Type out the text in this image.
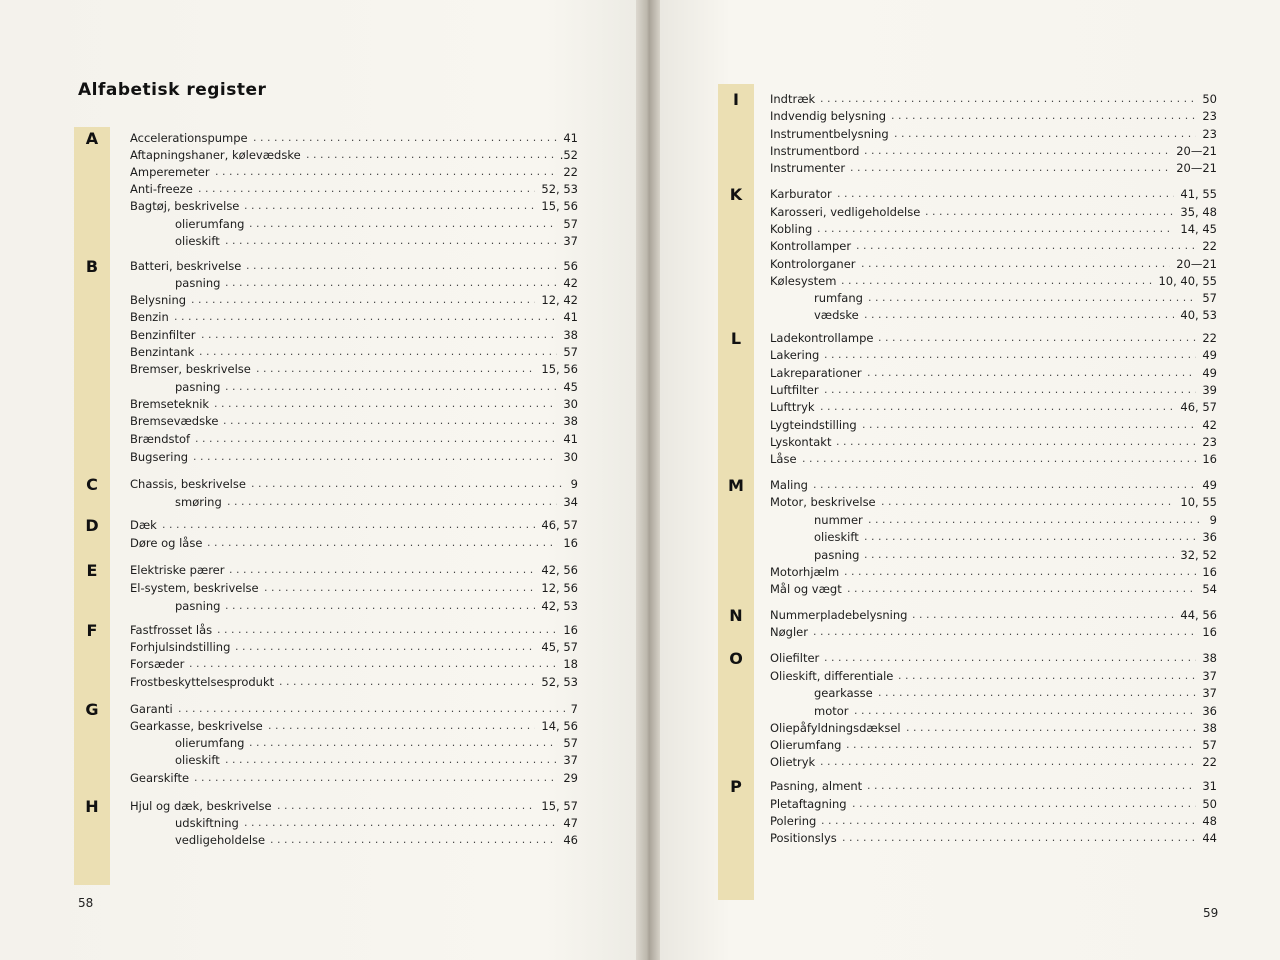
Alfabetisk register
A	Accelerationspumpe . . .	41
Aftapningshaner, kølevædske . . .	.52
Amperemeter . . .	22
Anti-freeze . . .	52, 53
Bagtøj, beskrivelse . . .	15, 56
olierumfang . . .	57
olieskift . . .	37
B	Batteri, beskrivelse . . .	56
pasning . . .	42
Belysning . . .	12, 42
Benzin . . .	41
Benzinfilter . . .	38
Benzintank . . .	57
Bremser, beskrivelse . . .	15, 56
pasning . . .	45
Bremseteknik . . .	30
Bremsevædske . . .	38
Brændstof . . .	41
Bugsering . . .	30
C	Chassis, beskrivelse . . .	9
smøring . . .	34
D	Dæk . . .	46, 57
Døre og låse . . .	16
E	Elektriske pærer . . .	42, 56
El-system, beskrivelse . . .	12, 56
pasning . . .	42, 53
F	Fastfrosset lås . . .	16
Forhjulsindstilling . . .	45, 57
Forsæder . . .	18
Frostbeskyttelsesprodukt . . .	52, 53
G	Garanti . . .	7
Gearkasse, beskrivelse . . .	14, 56
olierumfang . . .	57
olieskift . . .	37
Gearskifte . . .	29
H	Hjul og dæk, beskrivelse . . .	15, 57
udskiftning . . .	47
vedligeholdelse . . .	46
I	Indtræk . . .	50
Indvendig belysning . . .	23
Instrumentbelysning . . .	23
Instrumentbord . . .	20—21
Instrumenter . . .	20—21
K	Karburator . . .	41, 55
Karosseri, vedligeholdelse . . .	35, 48
Kobling . . .	14, 45
Kontrollamper . . .	22
Kontrolorganer . . .	20—21
Kølesystem . . .	10, 40, 55
rumfang . . .	57
vædske . . .	40, 53
L	Ladekontrollampe . . .	22
Lakering . . .	49
Lakreparationer . . .	49
Luftfilter . . .	39
Lufttryk . . .	46, 57
Lygteindstilling . . .	42
Lyskontakt . . .	23
Låse . . .	16
M	Maling . . .	49
Motor, beskrivelse . . .	10, 55
nummer . . .	9
olieskift . . .	36
pasning . . .	32, 52
Motorhjælm . . .	16
Mål og vægt . . .	54
N	Nummerpladebelysning . . .	44, 56
Nøgler . . .	16
O	Oliefilter . . .	38
Olieskift, differentiale . . .	37
gearkasse . . .	37
motor . . .	36
Oliepåfyldningsdæksel . . .	38
Olierumfang . . .	57
Olietryk . . .	22
P	Pasning, alment . . .	31
Pletaftagning . . .	50
Polering . . .	48
Positionslys . . .	44
58
59
